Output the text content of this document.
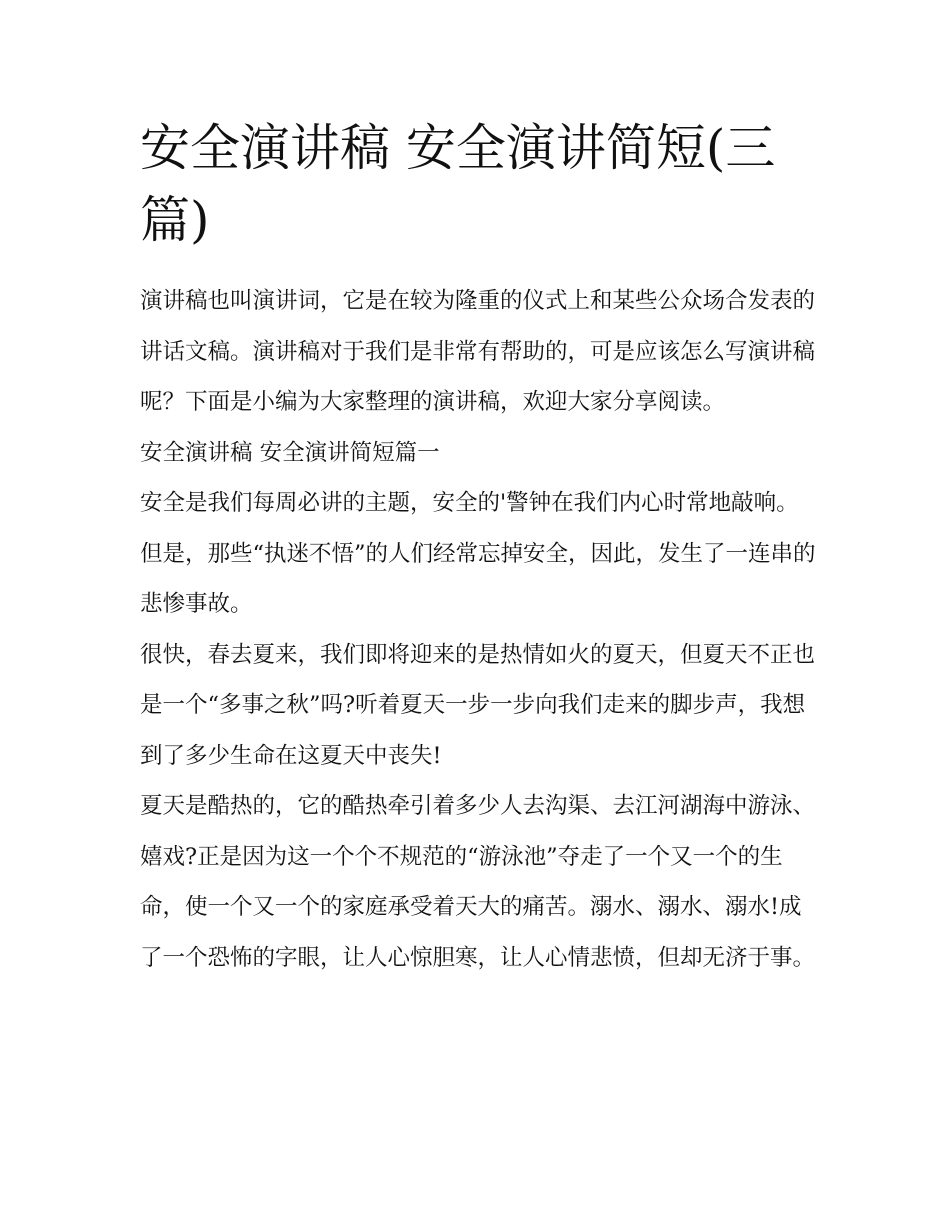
安全演讲稿 安全演讲简短(三篇)

演讲稿也叫演讲词，它是在较为隆重的仪式上和某些公众场合发表的讲话文稿。演讲稿对于我们是非常有帮助的，可是应该怎么写演讲稿呢？下面是小编为大家整理的演讲稿，欢迎大家分享阅读。

安全演讲稿 安全演讲简短篇一

安全是我们每周必讲的主题，安全的'警钟在我们内心时常地敲响。但是，那些“执迷不悟”的人们经常忘掉安全，因此，发生了一连串的悲惨事故。

很快，春去夏来，我们即将迎来的是热情如火的夏天，但夏天不正也是一个“多事之秋”吗?听着夏天一步一步向我们走来的脚步声，我想到了多少生命在这夏天中丧失!

夏天是酷热的，它的酷热牵引着多少人去沟渠、去江河湖海中游泳、嬉戏?正是因为这一个个不规范的“游泳池”夺走了一个又一个的生命，使一个又一个的家庭承受着天大的痛苦。溺水、溺水、溺水!成了一个恐怖的字眼，让人心惊胆寒，让人心情悲愤，但却无济于事。
